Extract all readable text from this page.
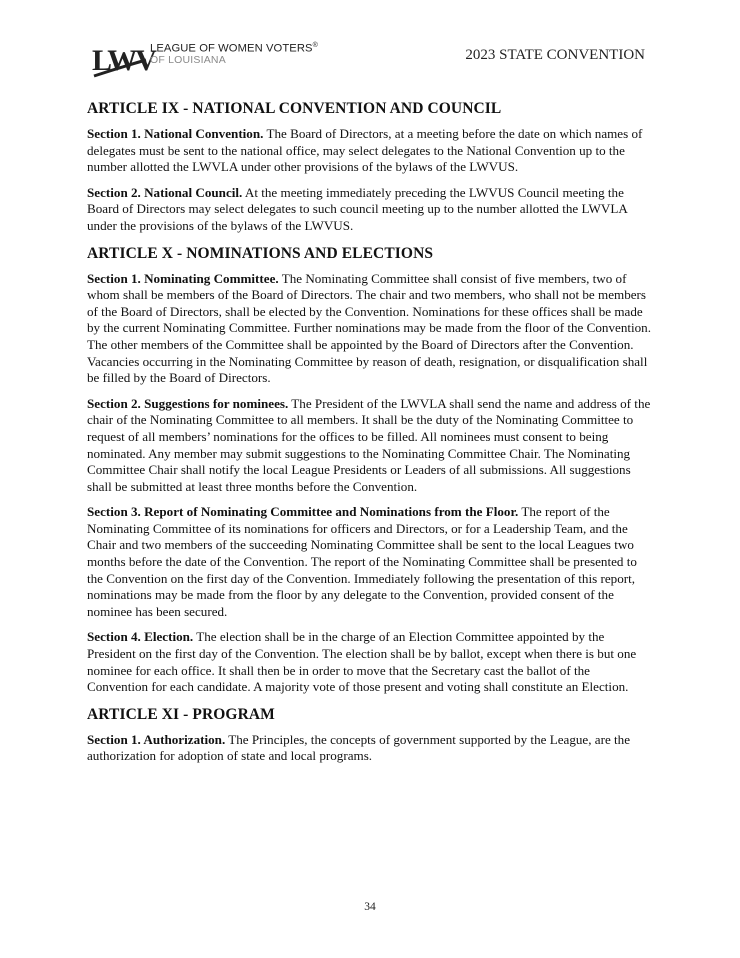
LWV
LEAGUE OF WOMEN VOTERS®
OF LOUISIANA	2023 STATE CONVENTION
ARTICLE IX - NATIONAL CONVENTION AND COUNCIL

Section 1. National Convention. The Board of Directors, at a meeting before the date on which names of delegates must be sent to the national office, may select delegates to the National Convention up to the number allotted the LWVLA under other provisions of the bylaws of the LWVUS.

Section 2. National Council. At the meeting immediately preceding the LWVUS Council meeting the Board of Directors may select delegates to such council meeting up to the number allotted the LWVLA under the provisions of the bylaws of the LWVUS.

ARTICLE X - NOMINATIONS AND ELECTIONS

Section 1. Nominating Committee. The Nominating Committee shall consist of five members, two of whom shall be members of the Board of Directors. The chair and two members, who shall not be members of the Board of Directors, shall be elected by the Convention. Nominations for these offices shall be made by the current Nominating Committee. Further nominations may be made from the floor of the Convention. The other members of the Committee shall be appointed by the Board of Directors after the Convention. Vacancies occurring in the Nominating Committee by reason of death, resignation, or disqualification shall be filled by the Board of Directors.

Section 2. Suggestions for nominees. The President of the LWVLA shall send the name and address of the chair of the Nominating Committee to all members. It shall be the duty of the Nominating Committee to request of all members’ nominations for the offices to be filled. All nominees must consent to being nominated. Any member may submit suggestions to the Nominating Committee Chair. The Nominating Committee Chair shall notify the local League Presidents or Leaders of all submissions. All suggestions shall be submitted at least three months before the Convention.

Section 3. Report of Nominating Committee and Nominations from the Floor. The report of the Nominating Committee of its nominations for officers and Directors, or for a Leadership Team, and the Chair and two members of the succeeding Nominating Committee shall be sent to the local Leagues two months before the date of the Convention. The report of the Nominating Committee shall be presented to the Convention on the first day of the Convention. Immediately following the presentation of this report, nominations may be made from the floor by any delegate to the Convention, provided consent of the nominee has been secured.

Section 4. Election. The election shall be in the charge of an Election Committee appointed by the President on the first day of the Convention. The election shall be by ballot, except when there is but one nominee for each office. It shall then be in order to move that the Secretary cast the ballot of the Convention for each candidate. A majority vote of those present and voting shall constitute an Election.

ARTICLE XI - PROGRAM

Section 1. Authorization. The Principles, the concepts of government supported by the League, are the authorization for adoption of state and local programs.

34
